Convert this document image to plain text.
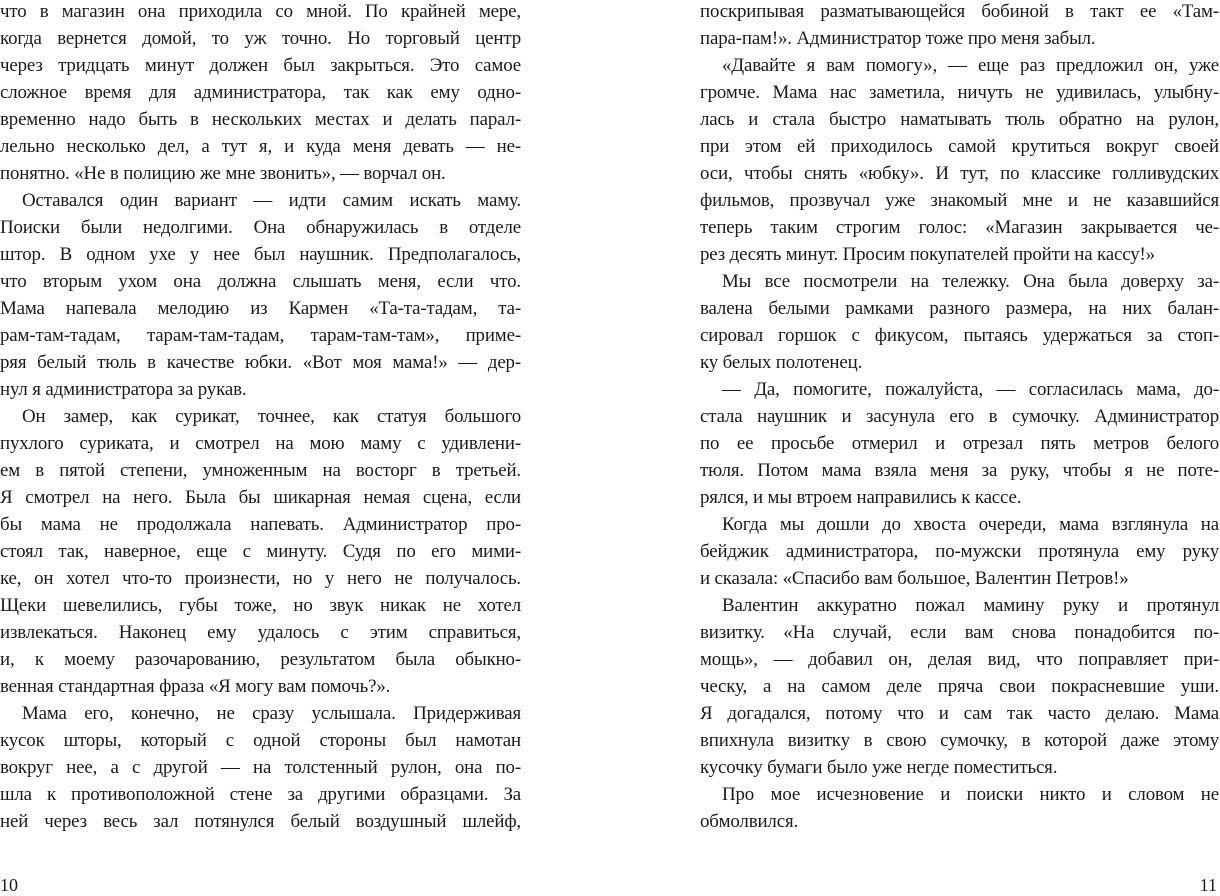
что в магазин она приходила со мной. По крайней мере,
когда вернется домой, то уж точно. Но торговый центр
через тридцать минут должен был закрыться. Это самое
сложное время для администратора, так как ему одно-
временно надо быть в нескольких местах и делать парал-
лельно несколько дел, а тут я, и куда меня девать — не-
понятно. «Не в полицию же мне звонить», — ворчал он.
Оставался один вариант — идти самим искать маму.
Поиски были недолгими. Она обнаружилась в отделе
штор. В одном ухе у нее был наушник. Предполагалось,
что вторым ухом она должна слышать меня, если что.
Мама напевала мелодию из Кармен «Та-та-тадам, та-
рам-там-тадам, тарам-там-тадам, тарам-там-там», приме-
ряя белый тюль в качестве юбки. «Вот моя мама!» — дер-
нул я администратора за рукав.
Он замер, как сурикат, точнее, как статуя большого
пухлого суриката, и смотрел на мою маму с удивлени-
ем в пятой степени, умноженным на восторг в третьей.
Я смотрел на него. Была бы шикарная немая сцена, если
бы мама не продолжала напевать. Администратор про-
стоял так, наверное, еще с минуту. Судя по его мими-
ке, он хотел что-то произнести, но у него не получалось.
Щеки шевелились, губы тоже, но звук никак не хотел
извлекаться. Наконец ему удалось с этим справиться,
и, к моему разочарованию, результатом была обыкно-
венная стандартная фраза «Я могу вам помочь?».
Мама его, конечно, не сразу услышала. Придерживая
кусок шторы, который с одной стороны был намотан
вокруг нее, а с другой — на толстенный рулон, она по-
шла к противоположной стене за другими образцами. За
ней через весь зал потянулся белый воздушный шлейф,
10
поскрипывая разматывающейся бобиной в такт ее «Там-
пара-пам!». Администратор тоже про меня забыл.
«Давайте я вам помогу», — еще раз предложил он, уже
громче. Мама нас заметила, ничуть не удивилась, улыбну-
лась и стала быстро наматывать тюль обратно на рулон,
при этом ей приходилось самой крутиться вокруг своей
оси, чтобы снять «юбку». И тут, по классике голливудских
фильмов, прозвучал уже знакомый мне и не казавшийся
теперь таким строгим голос: «Магазин закрывается че-
рез десять минут. Просим покупателей пройти на кассу!»
Мы все посмотрели на тележку. Она была доверху за-
валена белыми рамками разного размера, на них балан-
сировал горшок с фикусом, пытаясь удержаться за стоп-
ку белых полотенец.
— Да, помогите, пожалуйста, — согласилась мама, до-
стала наушник и засунула его в сумочку. Администратор
по ее просьбе отмерил и отрезал пять метров белого
тюля. Потом мама взяла меня за руку, чтобы я не поте-
рялся, и мы втроем направились к кассе.
Когда мы дошли до хвоста очереди, мама взглянула на
бейджик администратора, по-мужски протянула ему руку
и сказала: «Спасибо вам большое, Валентин Петров!»
Валентин аккуратно пожал мамину руку и протянул
визитку. «На случай, если вам снова понадобится по-
мощь», — добавил он, делая вид, что поправляет при-
ческу, а на самом деле пряча свои покрасневшие уши.
Я догадался, потому что и сам так часто делаю. Мама
впихнула визитку в свою сумочку, в которой даже этому
кусочку бумаги было уже негде поместиться.
Про мое исчезновение и поиски никто и словом не
обмолвился.
11
